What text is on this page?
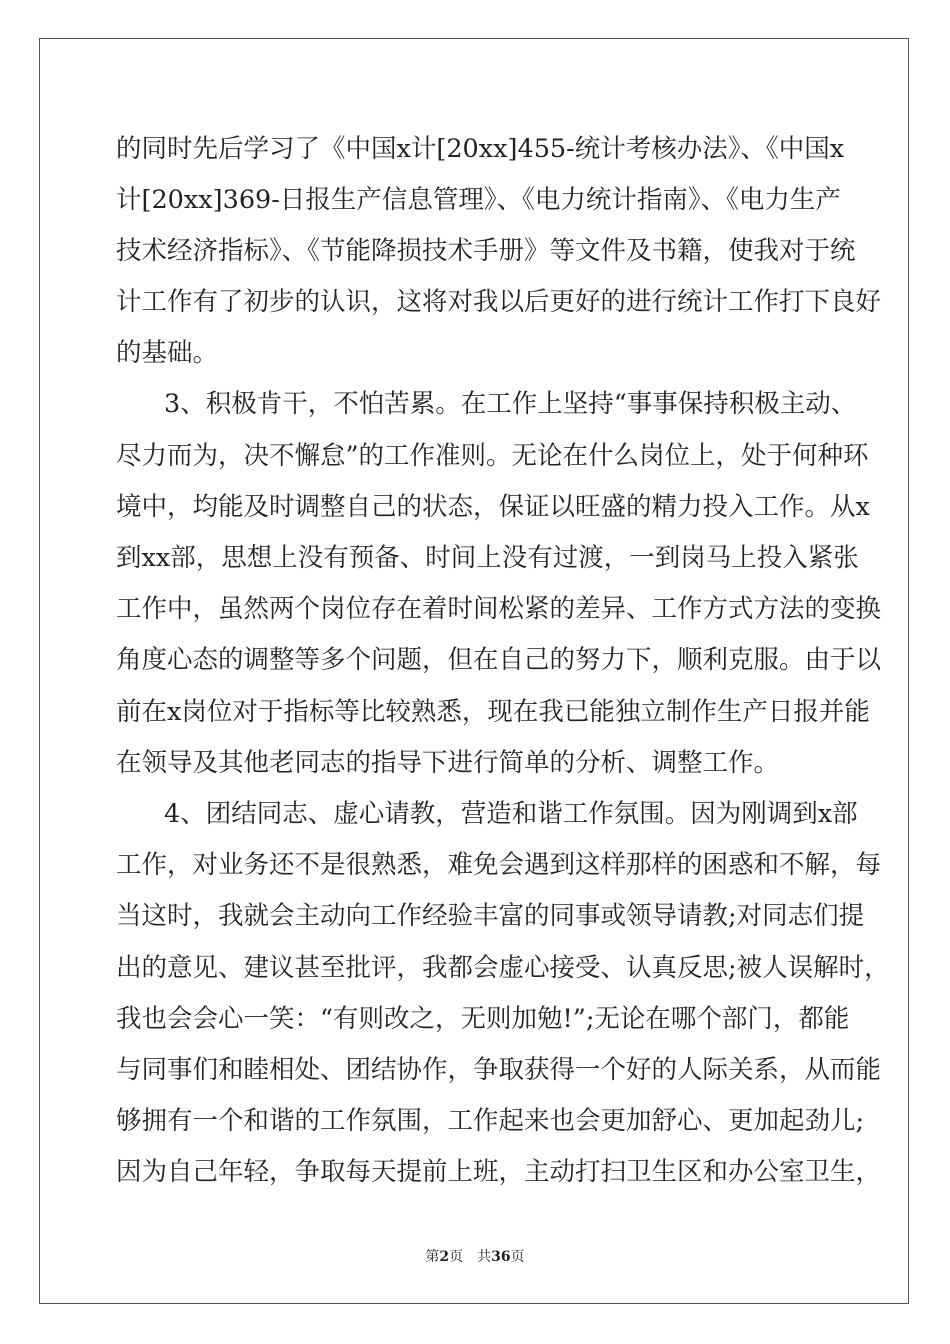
的同时先后学习了《中国x计[20xx]455-统计考核办法》、《中国x
计[20xx]369-日报生产信息管理》、《电力统计指南》、《电力生产
技术经济指标》、《节能降损技术手册》等文件及书籍，使我对于统
计工作有了初步的认识，这将对我以后更好的进行统计工作打下良好
的基础。
3、积极肯干，不怕苦累。在工作上坚持“事事保持积极主动、
尽力而为，决不懈怠”的工作准则。无论在什么岗位上，处于何种环
境中，均能及时调整自己的状态，保证以旺盛的精力投入工作。从x
到xx部，思想上没有预备、时间上没有过渡，一到岗马上投入紧张
工作中，虽然两个岗位存在着时间松紧的差异、工作方式方法的变换
角度心态的调整等多个问题，但在自己的努力下，顺利克服。由于以
前在x岗位对于指标等比较熟悉，现在我已能独立制作生产日报并能
在领导及其他老同志的指导下进行简单的分析、调整工作。
4、团结同志、虚心请教，营造和谐工作氛围。因为刚调到x部
工作，对业务还不是很熟悉，难免会遇到这样那样的困惑和不解，每
当这时，我就会主动向工作经验丰富的同事或领导请教;对同志们提
出的意见、建议甚至批评，我都会虚心接受、认真反思;被人误解时，
我也会会心一笑：“有则改之，无则加勉!”;无论在哪个部门，都能
与同事们和睦相处、团结协作，争取获得一个好的人际关系，从而能
够拥有一个和谐的工作氛围，工作起来也会更加舒心、更加起劲儿;
因为自己年轻，争取每天提前上班，主动打扫卫生区和办公室卫生，
第2页 共36页
